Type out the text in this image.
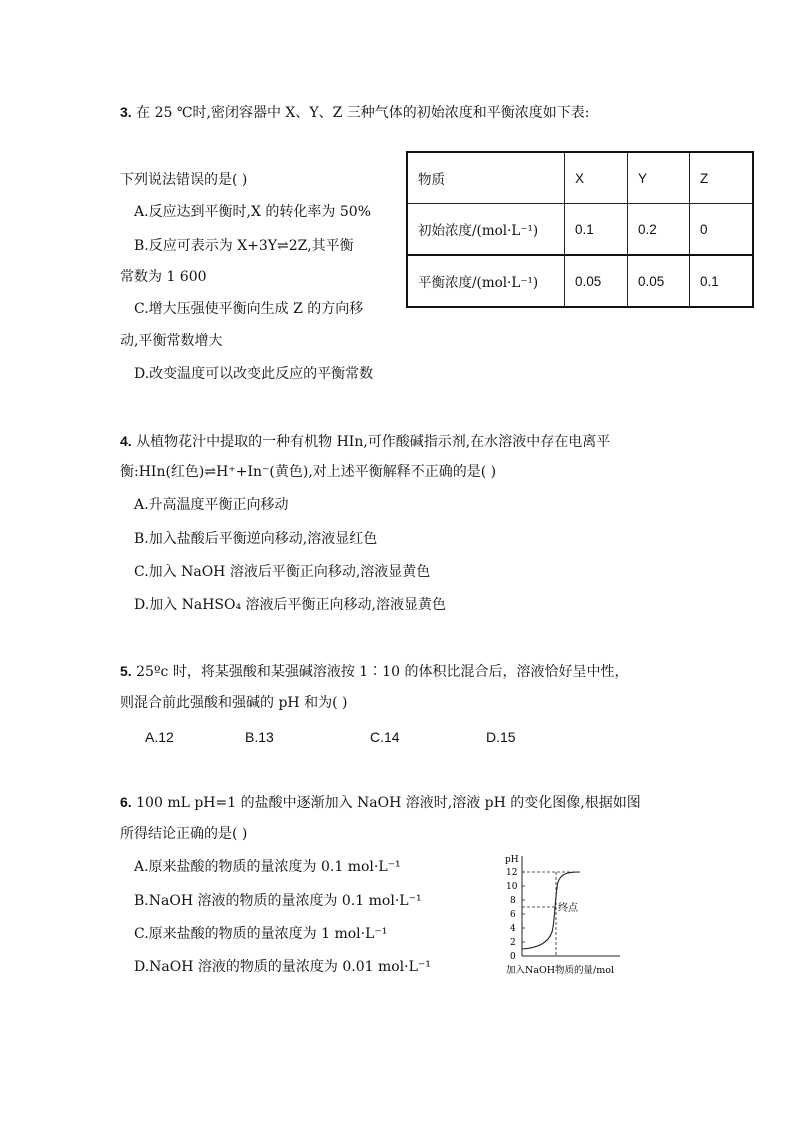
3. 在 25 ℃时,密闭容器中 X、Y、Z 三种气体的初始浓度和平衡浓度如下表:
下列说法错误的是( )
A.反应达到平衡时,X 的转化率为 50%
B.反应可表示为 X+3Y⇌2Z,其平衡
常数为 1 600
C.增大压强使平衡向生成 Z 的方向移
动,平衡常数增大
D.改变温度可以改变此反应的平衡常数
物质	X	Y	Z
初始浓度/(mol·L⁻¹)	0.1	0.2	0
平衡浓度/(mol·L⁻¹)	0.05	0.05	0.1
4. 从植物花汁中提取的一种有机物 HIn,可作酸碱指示剂,在水溶液中存在电离平
衡:HIn(红色)⇌H⁺+In⁻(黄色),对上述平衡解释不正确的是( )
A.升高温度平衡正向移动
B.加入盐酸后平衡逆向移动,溶液显红色
C.加入 NaOH 溶液后平衡正向移动,溶液显黄色
D.加入 NaHSO₄ 溶液后平衡正向移动,溶液显黄色
5. 25ºc 时，将某强酸和某强碱溶液按 1∶10 的体积比混合后，溶液恰好呈中性，
则混合前此强酸和强碱的 pH 和为( )
A.12	B.13	C.14	D.15
6. 100 mL pH=1 的盐酸中逐渐加入 NaOH 溶液时,溶液 pH 的变化图像,根据如图
所得结论正确的是( )
A.原来盐酸的物质的量浓度为 0.1 mol·L⁻¹
B.NaOH 溶液的物质的量浓度为 0.1 mol·L⁻¹
C.原来盐酸的物质的量浓度为 1 mol·L⁻¹
D.NaOH 溶液的物质的量浓度为 0.01 mol·L⁻¹
pH
0
2
4
6
8
10
12
终点
加入NaOH物质的量/mol
